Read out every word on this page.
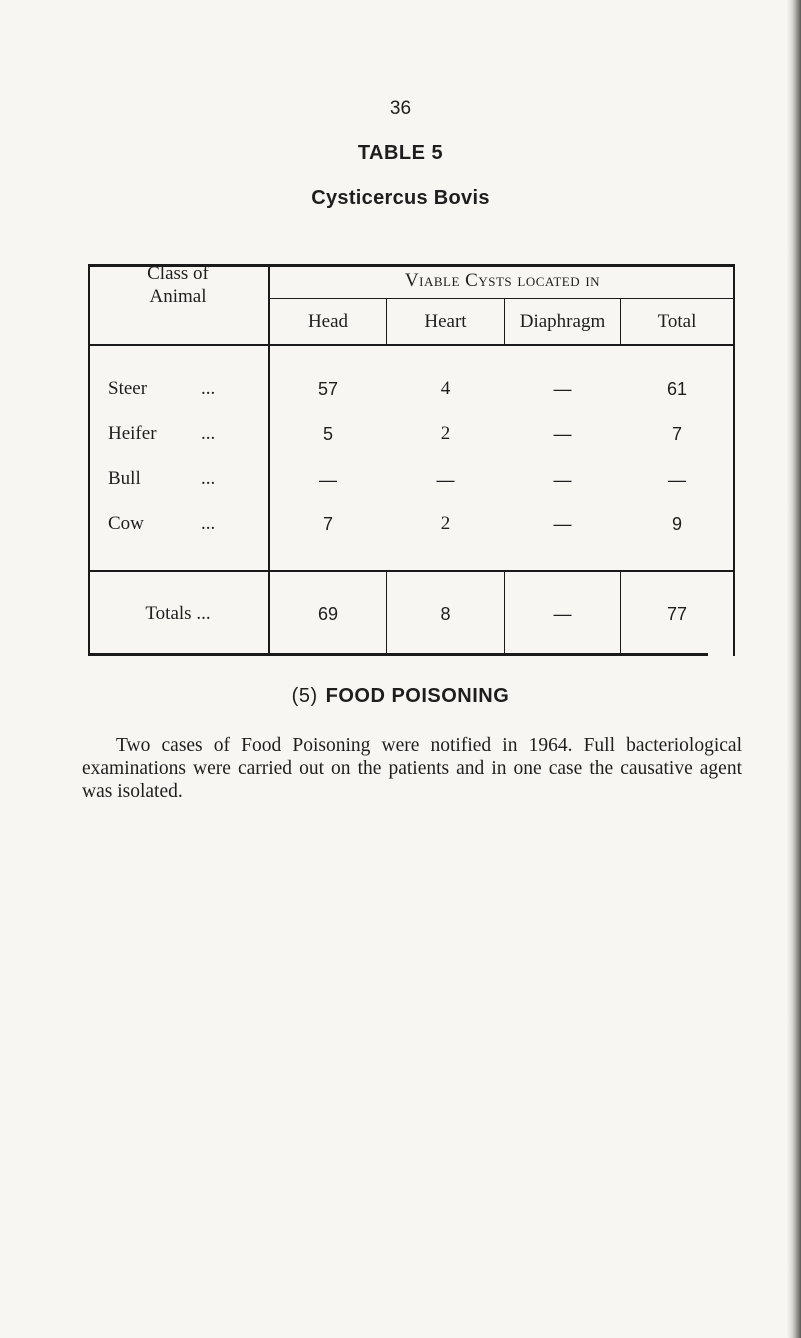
36
TABLE 5
Cysticercus Bovis
Class of
Animal
Viable Cysts located in
Head	Heart	Diaphragm	Total
Steer	...	57	4	—	61
Heifer ...	5	2	—	7
Bull	...	—	—	—	—
Cow	...	7	2	—	9
Totals ...	69	8	—	77
(5) FOOD POISONING
Two cases of Food Poisoning were notified in 1964. Full bacteriological examinations were carried out on the patients and in one case the causative agent was isolated.
